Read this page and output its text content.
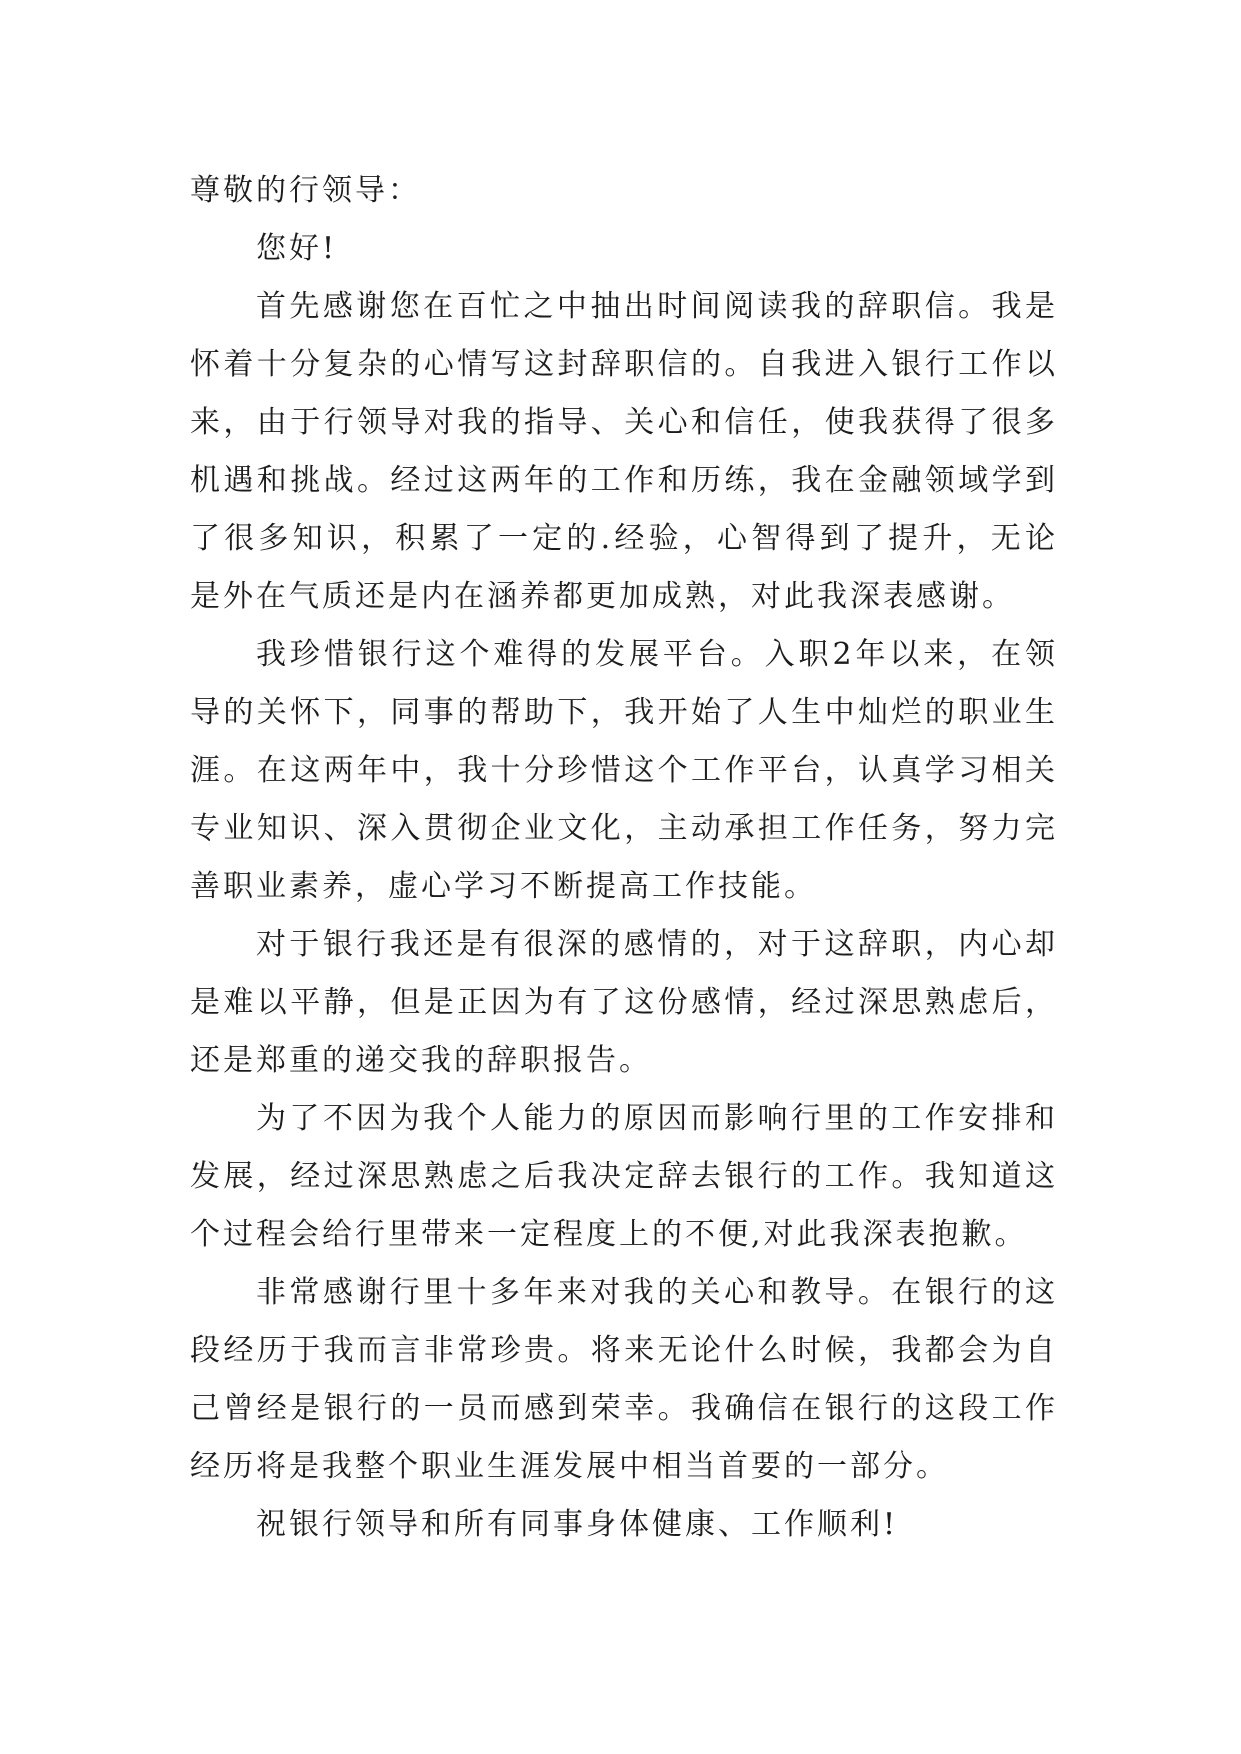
尊敬的行领导：

您好!

首先感谢您在百忙之中抽出时间阅读我的辞职信。我是怀着十分复杂的心情写这封辞职信的。自我进入银行工作以来，由于行领导对我的指导、关心和信任，使我获得了很多机遇和挑战。经过这两年的工作和历练，我在金融领域学到了很多知识，积累了一定的.经验，心智得到了提升，无论是外在气质还是内在涵养都更加成熟，对此我深表感谢。

我珍惜银行这个难得的发展平台。入职2年以来，在领导的关怀下，同事的帮助下，我开始了人生中灿烂的职业生涯。在这两年中，我十分珍惜这个工作平台，认真学习相关专业知识、深入贯彻企业文化，主动承担工作任务，努力完善职业素养，虚心学习不断提高工作技能。

对于银行我还是有很深的感情的，对于这辞职，内心却是难以平静，但是正因为有了这份感情，经过深思熟虑后，还是郑重的递交我的辞职报告。

为了不因为我个人能力的原因而影响行里的工作安排和发展，经过深思熟虑之后我决定辞去银行的工作。我知道这个过程会给行里带来一定程度上的不便,对此我深表抱歉。

非常感谢行里十多年来对我的关心和教导。在银行的这段经历于我而言非常珍贵。将来无论什么时候，我都会为自己曾经是银行的一员而感到荣幸。我确信在银行的这段工作经历将是我整个职业生涯发展中相当首要的一部分。

祝银行领导和所有同事身体健康、工作顺利!
